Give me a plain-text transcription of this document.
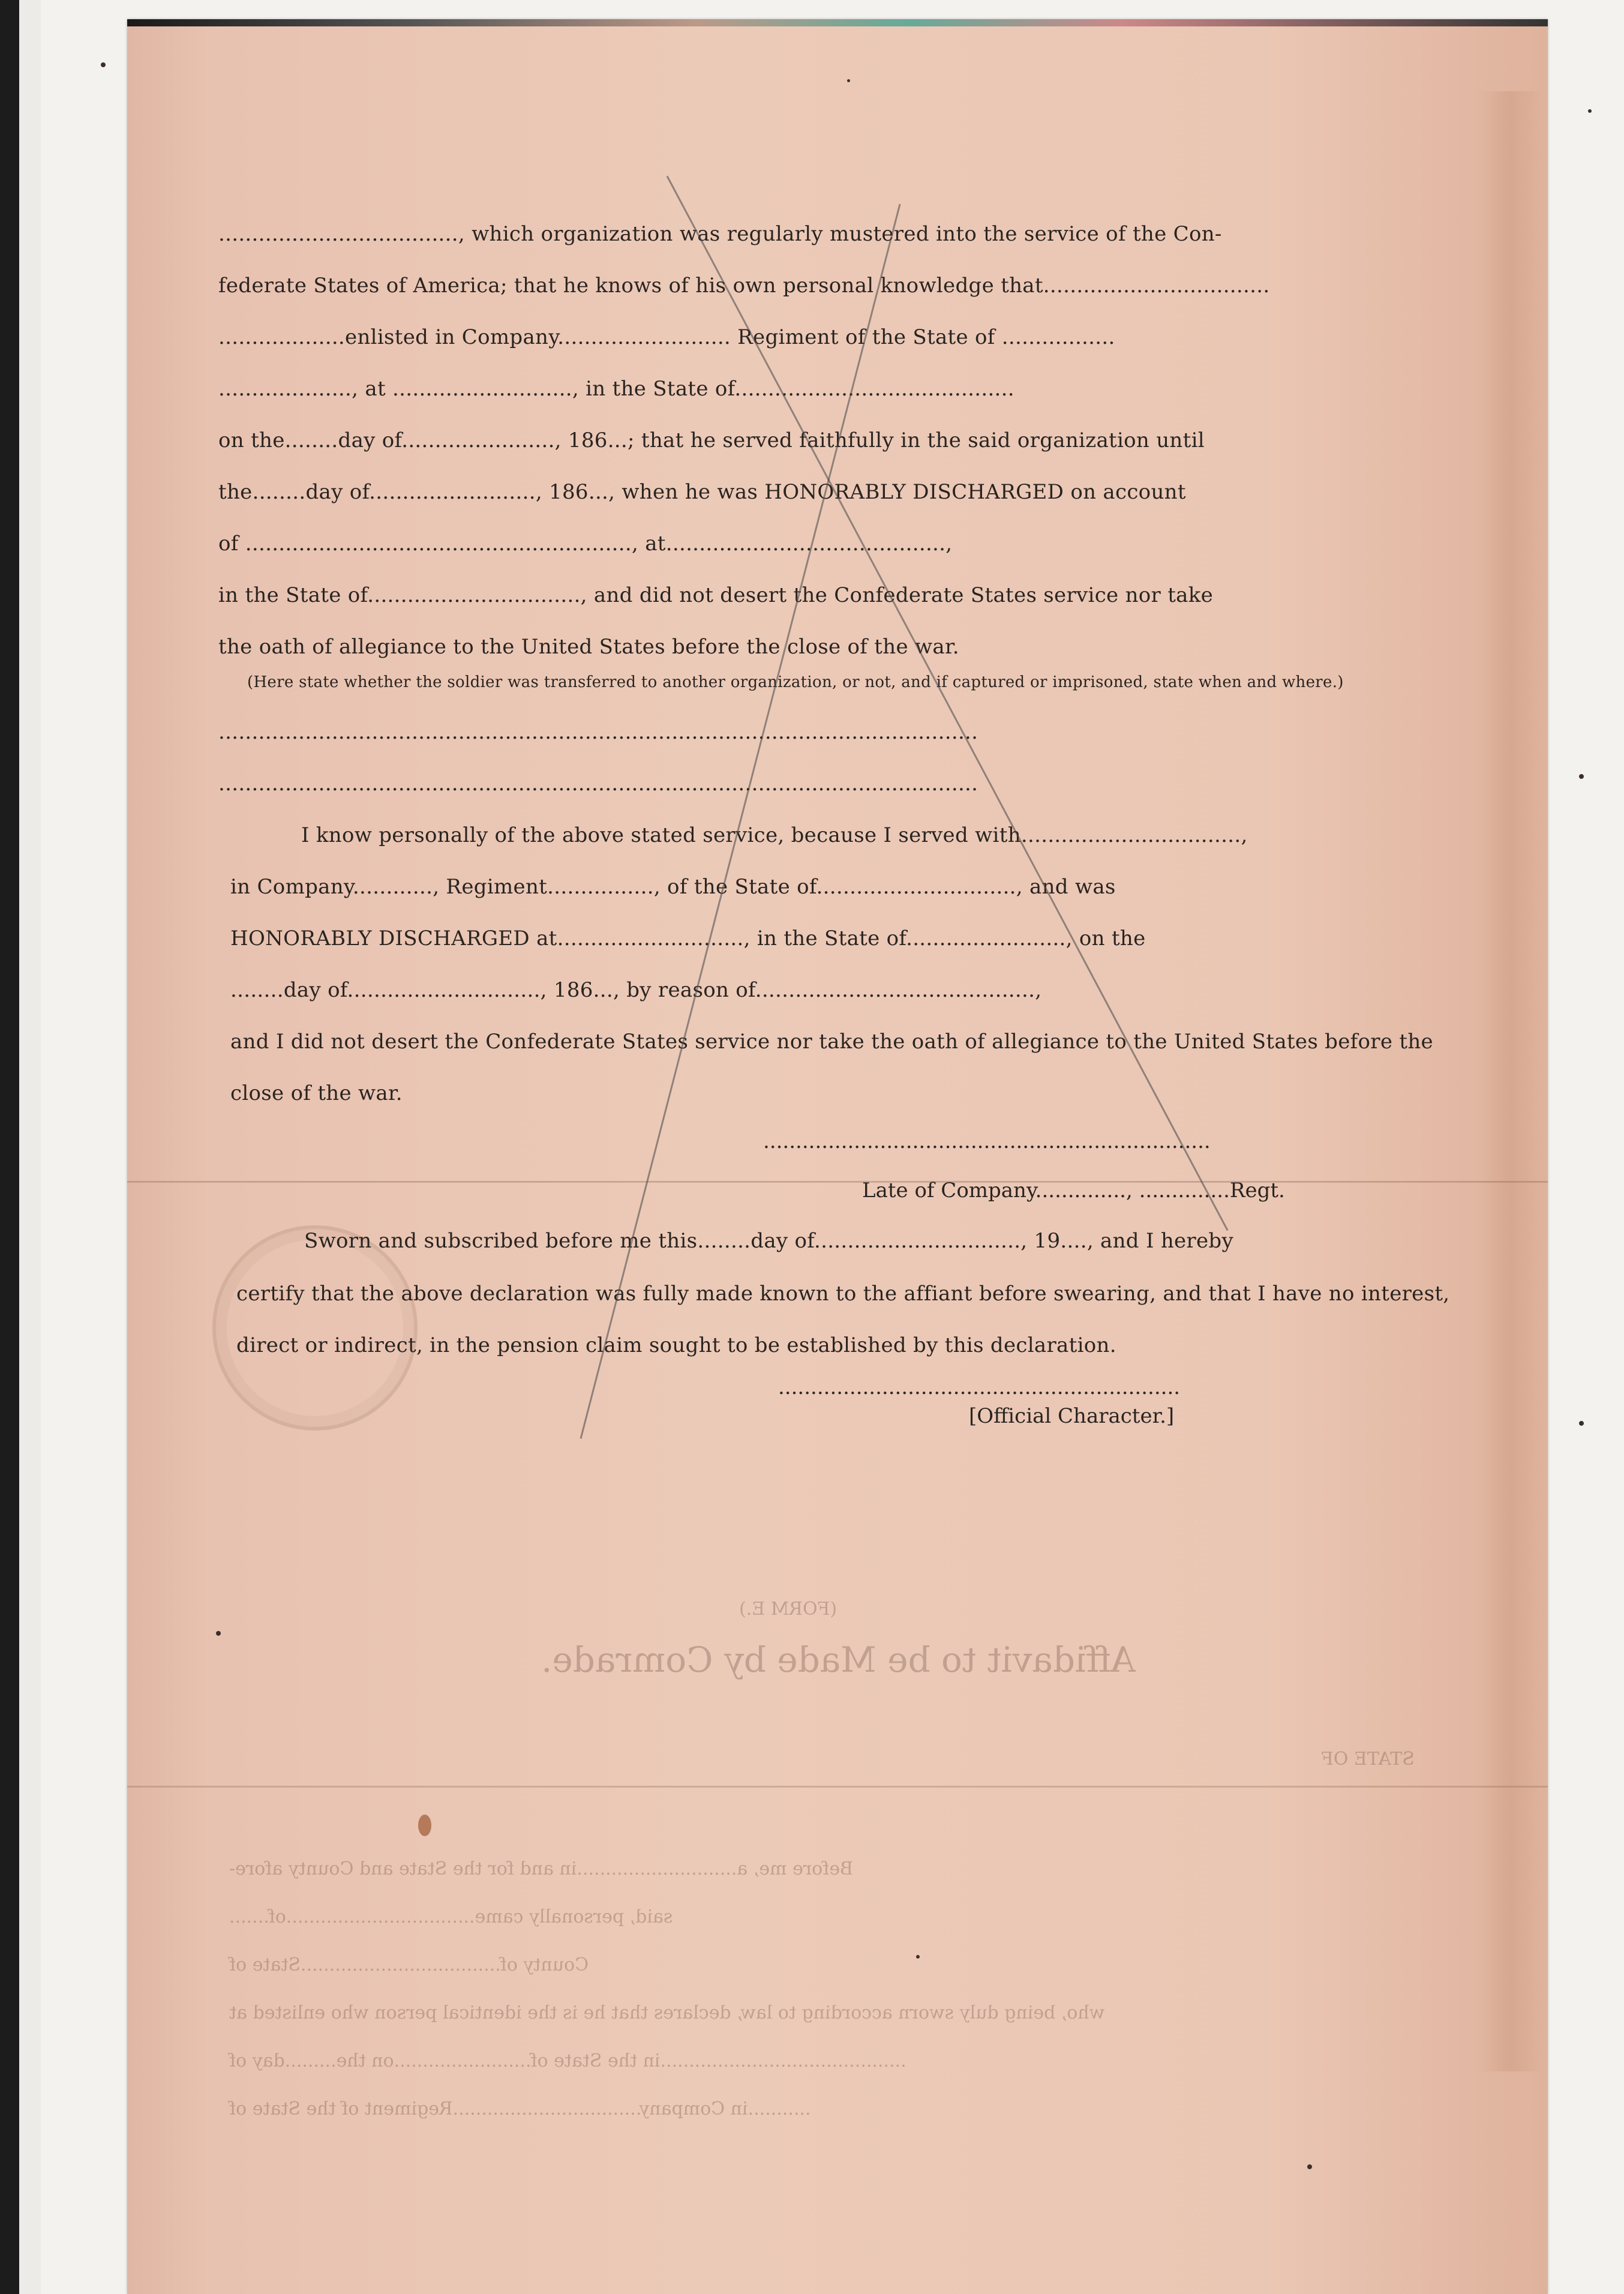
(FORM E.)
Affidavit to be Made by Comrade.
STATE OF
Before me, a............................in and for the State and County afore-
said, personally came.................................of.......
County of...................................State of
who, being duly sworn according to law, declares that he is the identical person who enlisted at
...........................................in the State of........................on the.........day of
...........in Company.................................Regiment of the State of

...................................., which organization was regularly mustered into the service of the Con-
federate States of America; that he knows of his own personal knowledge that..................................
...................enlisted in Company.......................... Regiment of the State of .................
...................., at ..........................., in the State of..........................................
on the........day of......................., 186...; that he served faithfully in the said organization until
the........day of........................., 186..., when he was HONORABLY DISCHARGED on account
of .........................................................., at..........................................,
in the State of................................, and did not desert the Confederate States service nor take
the oath of allegiance to the United States before the close of the war.
(Here state whether the soldier was transferred to another organization, or not, and if captured or imprisoned, state when and where.)
..................................................................................................................
..................................................................................................................
I know personally of the above stated service, because I served with.................................,
in Company............, Regiment................, of the State of.............................., and was
HONORABLY DISCHARGED at............................, in the State of........................, on the
........day of............................., 186..., by reason of..........................................,
and I did not desert the Confederate States service nor take the oath of allegiance to the United States before the
close of the war.
.....................................................................
Late of Company.............., ..............Regt.
Sworn and subscribed before me this........day of..............................., 19...., and I hereby
certify that the above declaration was fully made known to the affiant before swearing, and that I have no interest,
direct or indirect, in the pension claim sought to be established by this declaration.
..............................................................
[Official Character.]
